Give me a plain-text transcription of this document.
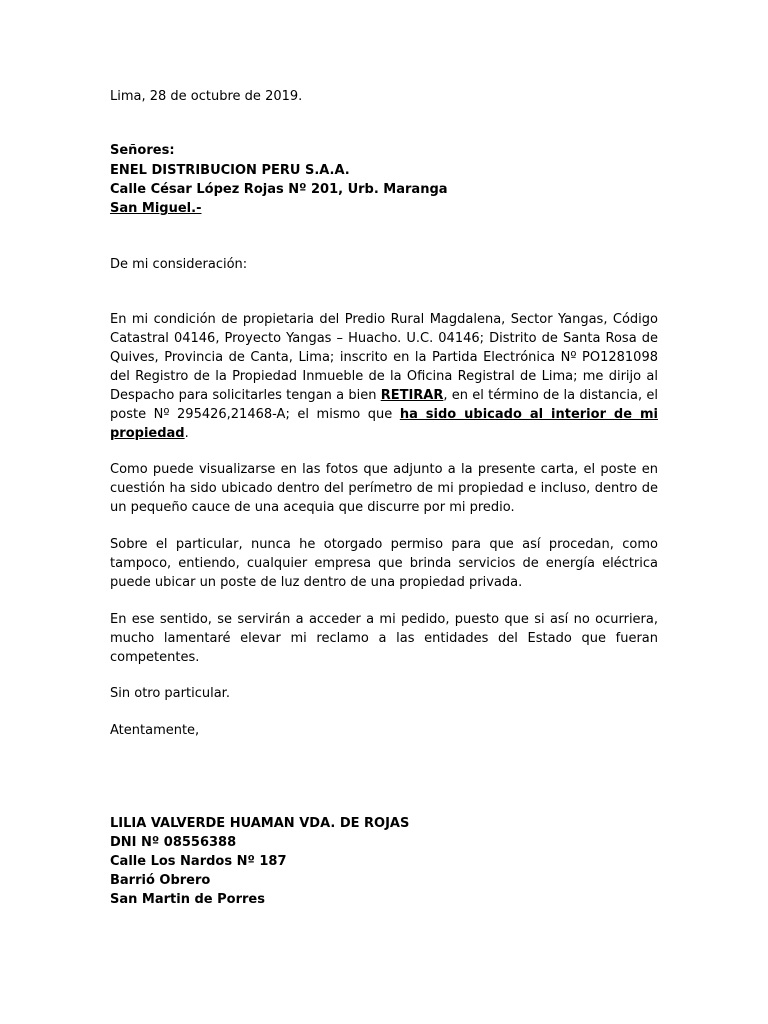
Lima, 28 de octubre de 2019.
Señores:
ENEL DISTRIBUCION PERU S.A.A.
Calle César López Rojas Nº 201, Urb. Maranga
San Miguel.-
De mi consideración:
En mi condición de propietaria del Predio Rural Magdalena, Sector Yangas, Código
Catastral 04146, Proyecto Yangas – Huacho. U.C. 04146; Distrito de Santa Rosa de
Quives, Provincia de Canta, Lima; inscrito en la Partida Electrónica Nº PO1281098
del Registro de la Propiedad Inmueble de la Oficina Registral de Lima; me dirijo al
Despacho para solicitarles tengan a bien RETIRAR, en el término de la distancia, el
poste Nº 295426,21468-A; el mismo que ha sido ubicado al interior de mi
propiedad.
Como puede visualizarse en las fotos que adjunto a la presente carta, el poste en
cuestión ha sido ubicado dentro del perímetro de mi propiedad e incluso, dentro de
un pequeño cauce de una acequia que discurre por mi predio.
Sobre el particular, nunca he otorgado permiso para que así procedan, como
tampoco, entiendo, cualquier empresa que brinda servicios de energía eléctrica
puede ubicar un poste de luz dentro de una propiedad privada.
En ese sentido, se servirán a acceder a mi pedido, puesto que si así no ocurriera,
mucho lamentaré elevar mi reclamo a las entidades del Estado que fueran
competentes.
Sin otro particular.
Atentamente,
LILIA VALVERDE HUAMAN VDA. DE ROJAS
DNI Nº 08556388
Calle Los Nardos Nº 187
Barrió Obrero
San Martin de Porres
